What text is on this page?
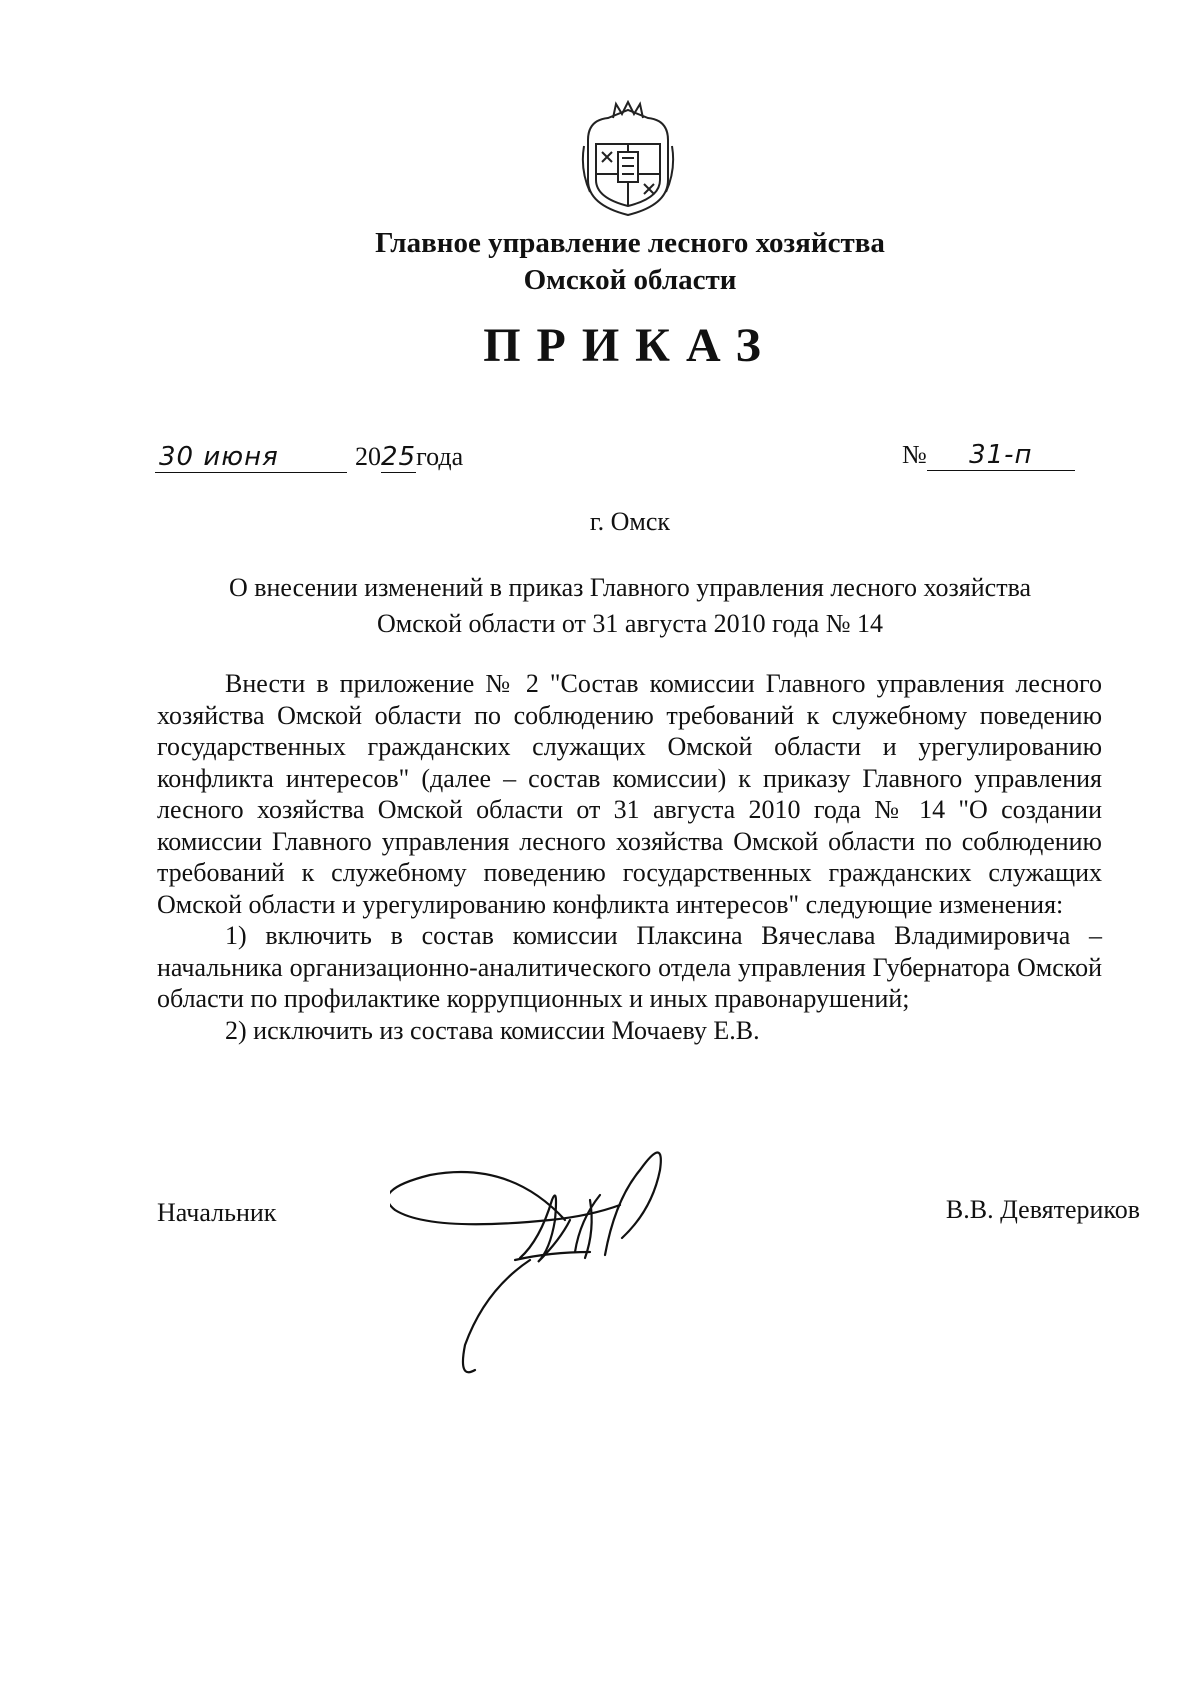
Главное управление лесного хозяйства
Омской области
ПРИКАЗ
30 июня	2025года	№ 31-п
г. Омск
О внесении изменений в приказ Главного управления лесного хозяйства
Омской области от 31 августа 2010 года № 14

Внести в приложение № 2 "Состав комиссии Главного управления лесного хозяйства Омской области по соблюдению требований к служебному поведению государственных гражданских служащих Омской области и урегулированию конфликта интересов" (далее – состав комиссии) к приказу Главного управления лесного хозяйства Омской области от 31 августа 2010 года № 14 "О создании комиссии Главного управления лесного хозяйства Омской области по соблюдению требований к служебному поведению государственных гражданских служащих Омской области и урегулированию конфликта интересов" следующие изменения:

1) включить в состав комиссии Плаксина Вячеслава Владимировича – начальника организационно-аналитического отдела управления Губернатора Омской области по профилактике коррупционных и иных правонарушений;

2) исключить из состава комиссии Мочаеву Е.В.

Начальник	В.В. Девятериков
